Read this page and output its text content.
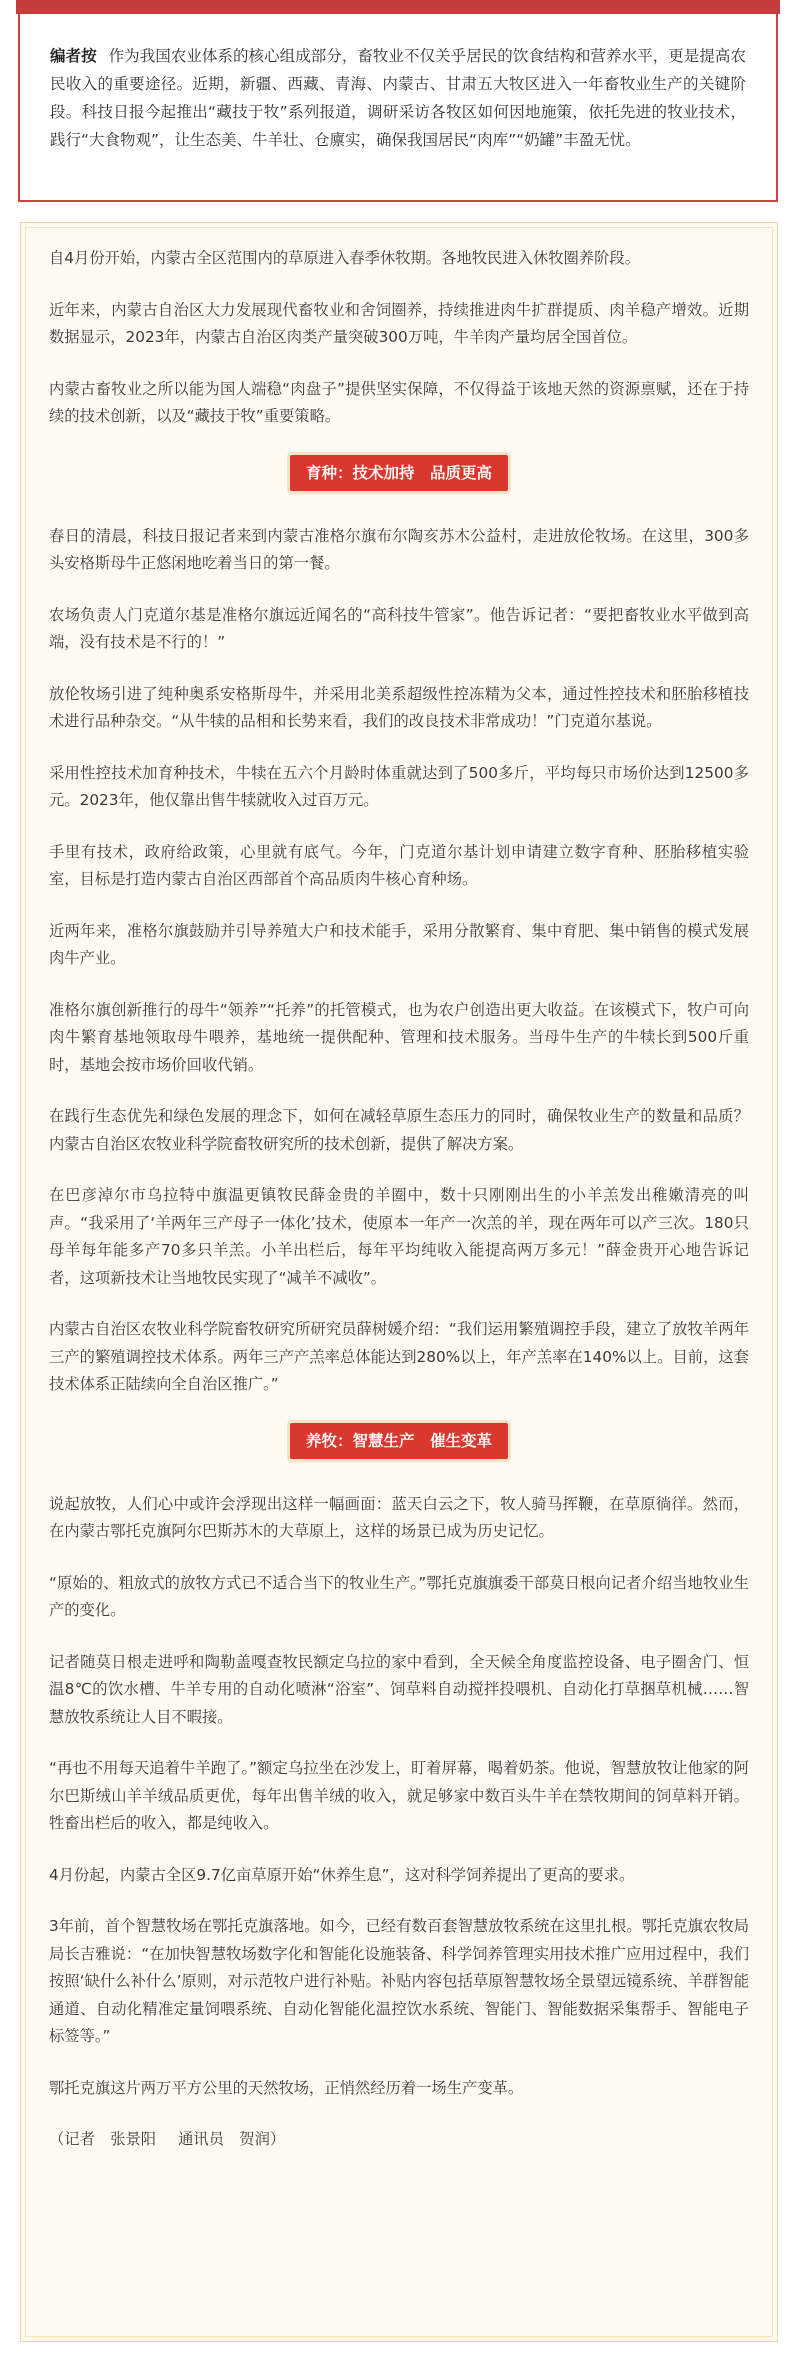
编者按 作为我国农业体系的核心组成部分，畜牧业不仅关乎居民的饮食结构和营养水平，更是提高农民收入的重要途径。近期，新疆、西藏、青海、内蒙古、甘肃五大牧区进入一年畜牧业生产的关键阶段。科技日报今起推出“藏技于牧”系列报道，调研采访各牧区如何因地施策，依托先进的牧业技术，践行“大食物观”，让生态美、牛羊壮、仓廪实，确保我国居民“肉库”“奶罐”丰盈无忧。

自4月份开始，内蒙古全区范围内的草原进入春季休牧期。各地牧民进入休牧圈养阶段。

近年来，内蒙古自治区大力发展现代畜牧业和舍饲圈养，持续推进肉牛扩群提质、肉羊稳产增效。近期数据显示，2023年，内蒙古自治区肉类产量突破300万吨，牛羊肉产量均居全国首位。

内蒙古畜牧业之所以能为国人端稳“肉盘子”提供坚实保障，不仅得益于该地天然的资源禀赋，还在于持续的技术创新，以及“藏技于牧”重要策略。

育种：技术加持　品质更高

春日的清晨，科技日报记者来到内蒙古准格尔旗布尔陶亥苏木公益村，走进放伦牧场。在这里，300多头安格斯母牛正悠闲地吃着当日的第一餐。

农场负责人门克道尔基是准格尔旗远近闻名的“高科技牛管家”。他告诉记者：“要把畜牧业水平做到高端，没有技术是不行的！”

放伦牧场引进了纯种奥系安格斯母牛，并采用北美系超级性控冻精为父本，通过性控技术和胚胎移植技术进行品种杂交。“从牛犊的品相和长势来看，我们的改良技术非常成功！”门克道尔基说。

采用性控技术加育种技术，牛犊在五六个月龄时体重就达到了500多斤，平均每只市场价达到12500多元。2023年，他仅靠出售牛犊就收入过百万元。

手里有技术，政府给政策，心里就有底气。今年，门克道尔基计划申请建立数字育种、胚胎移植实验室，目标是打造内蒙古自治区西部首个高品质肉牛核心育种场。

近两年来，准格尔旗鼓励并引导养殖大户和技术能手，采用分散繁育、集中育肥、集中销售的模式发展肉牛产业。

准格尔旗创新推行的母牛“领养”“托养”的托管模式，也为农户创造出更大收益。在该模式下，牧户可向肉牛繁育基地领取母牛喂养，基地统一提供配种、管理和技术服务。当母牛生产的牛犊长到500斤重时，基地会按市场价回收代销。

在践行生态优先和绿色发展的理念下，如何在减轻草原生态压力的同时，确保牧业生产的数量和品质？内蒙古自治区农牧业科学院畜牧研究所的技术创新，提供了解决方案。

在巴彦淖尔市乌拉特中旗温更镇牧民薛金贵的羊圈中，数十只刚刚出生的小羊羔发出稚嫩清亮的叫声。“我采用了‘羊两年三产母子一体化’技术，使原本一年产一次羔的羊，现在两年可以产三次。180只母羊每年能多产70多只羊羔。小羊出栏后，每年平均纯收入能提高两万多元！”薛金贵开心地告诉记者，这项新技术让当地牧民实现了“减羊不减收”。

内蒙古自治区农牧业科学院畜牧研究所研究员薛树媛介绍：“我们运用繁殖调控手段，建立了放牧羊两年三产的繁殖调控技术体系。两年三产产羔率总体能达到280%以上，年产羔率在140%以上。目前，这套技术体系正陆续向全自治区推广。”

养牧：智慧生产　催生变革

说起放牧，人们心中或许会浮现出这样一幅画面：蓝天白云之下，牧人骑马挥鞭，在草原徜徉。然而，在内蒙古鄂托克旗阿尔巴斯苏木的大草原上，这样的场景已成为历史记忆。

“原始的、粗放式的放牧方式已不适合当下的牧业生产。”鄂托克旗旗委干部莫日根向记者介绍当地牧业生产的变化。

记者随莫日根走进呼和陶勒盖嘎查牧民额定乌拉的家中看到，全天候全角度监控设备、电子圈舍门、恒温8℃的饮水槽、牛羊专用的自动化喷淋“浴室”、饲草料自动搅拌投喂机、自动化打草捆草机械……智慧放牧系统让人目不暇接。

“再也不用每天追着牛羊跑了。”额定乌拉坐在沙发上，盯着屏幕，喝着奶茶。他说，智慧放牧让他家的阿尔巴斯绒山羊羊绒品质更优，每年出售羊绒的收入，就足够家中数百头牛羊在禁牧期间的饲草料开销。牲畜出栏后的收入，都是纯收入。

4月份起，内蒙古全区9.7亿亩草原开始“休养生息”，这对科学饲养提出了更高的要求。

3年前，首个智慧牧场在鄂托克旗落地。如今，已经有数百套智慧放牧系统在这里扎根。鄂托克旗农牧局局长吉雅说：“在加快智慧牧场数字化和智能化设施装备、科学饲养管理实用技术推广应用过程中，我们按照‘缺什么补什么’原则，对示范牧户进行补贴。补贴内容包括草原智慧牧场全景望远镜系统、羊群智能通道、自动化精准定量饲喂系统、自动化智能化温控饮水系统、智能门、智能数据采集帮手、智能电子标签等。”

鄂托克旗这片两万平方公里的天然牧场，正悄然经历着一场生产变革。

（记者　张景阳 通讯员　贺润）
